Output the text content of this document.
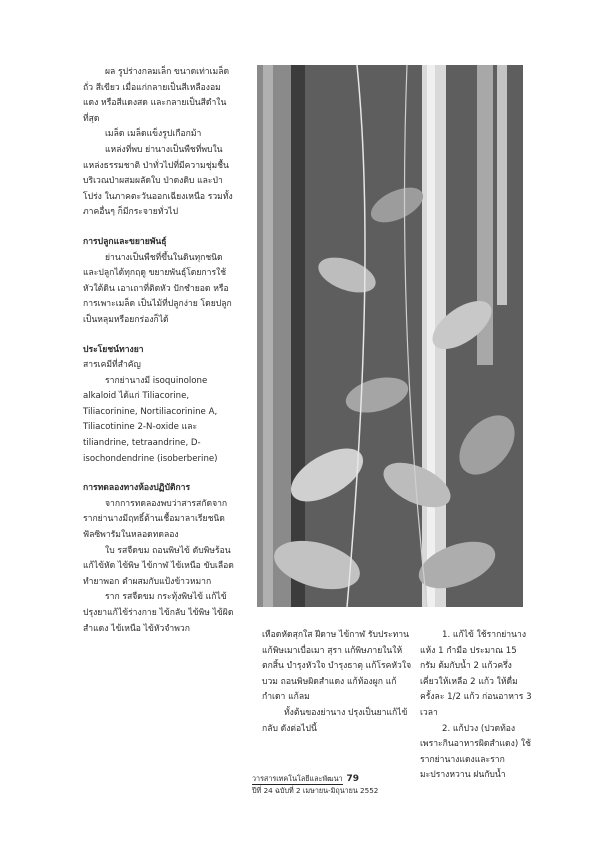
ผล รูปร่างกลมเล็ก ขนาดเท่าเมล็ดถั่ว สีเขียว เมื่อแก่กลายเป็นสีเหลืองอมแดง หรือสีแดงสด และกลายเป็นสีดำในที่สุด

เมล็ด เมล็ดแข็งรูปเกือกม้า

แหล่งที่พบ ย่านางเป็นพืชที่พบในแหล่งธรรมชาติ ป่าทั่วไปที่มีความชุ่มชื้น บริเวณป่าผสมผลัดใบ ป่าดงดิบ และป่าโปร่ง ในภาคตะวันออกเฉียงเหนือ รวมทั้งภาคอื่นๆ ก็มีกระจายทั่วไป

การปลูกและขยายพันธุ์

ย่านางเป็นพืชที่ขึ้นในดินทุกชนิด และปลูกได้ทุกฤดู ขยายพันธุ์โดยการใช้หัวใต้ดิน เอาเถาที่ติดหัว ปักชำยอด หรือการเพาะเมล็ด เป็นไม้ที่ปลูกง่าย โดยปลูกเป็นหลุมหรือยกร่องก็ได้

ประโยชน์ทางยา

สารเคมีที่สำคัญ

รากย่านางมี isoquinolone alkaloid ได้แก่ Tiliacorine, Tiliacorinine, Nortiliacorinine A, Tiliacotinine 2-N-oxide และ tiliandrine, tetraandrine, D-isochondendrine (isoberberine)

การทดลองทางห้องปฏิบัติการ

จากการทดลองพบว่าสารสกัดจากรากย่านางมีฤทธิ์ต้านเชื้อมาลาเรียชนิด ฟัลซิพารัมในหลอดทดลอง

ใบ รสจืดขม ถอนพิษไข้ ดับพิษร้อน แก้ไข้หัด ไข้พิษ ไข้กาฬ ไข้เหนือ ขับเลือด ทำยาพอก ตำผสมกับแป้งข้าวหมาก

ราก รสจืดขม กระทุ้งพิษไข้ แก้ไข้ ปรุงยาแก้ไข้ร่างกาย ไข้กลับ ไข้พิษ ไข้ผิดสำแดง ไข้เหนือ ไข้หัวจำพวก

เหือดหัดสุกใส ฝีดาษ ไข้กาฬ รับประทานแก้พิษเมาเบื่อเมา สุรา แก้พิษภายในให้ตกสิ้น บำรุงหัวใจ บำรุงธาตุ แก้โรคหัวใจบวม ถอนพิษผิดสำแดง แก้ท้องผูก แก้กำเดา แก้ลม

ทั้งต้นของย่านาง ปรุงเป็นยาแก้ไข้กลับ ดังต่อไปนี้

1. แก้ไข้ ใช้รากย่านางแห้ง 1 กำมือ ประมาณ 15 กรัม ต้มกับน้ำ 2 แก้วครึ่ง เคี่ยวให้เหลือ 2 แก้ว ให้ดื่มครั้งละ 1/2 แก้ว ก่อนอาหาร 3 เวลา

2. แก้ปวง (ปวดท้องเพราะกินอาหารผิดสำแดง) ใช้รากย่านางแดงและรากมะปรางหวาน ฝนกับน้ำ

วารสารเทคโนโลยีและพัฒนา 79
ปีที่ 24 ฉบับที่ 2 เมษายน-มิถุนายน 2552
